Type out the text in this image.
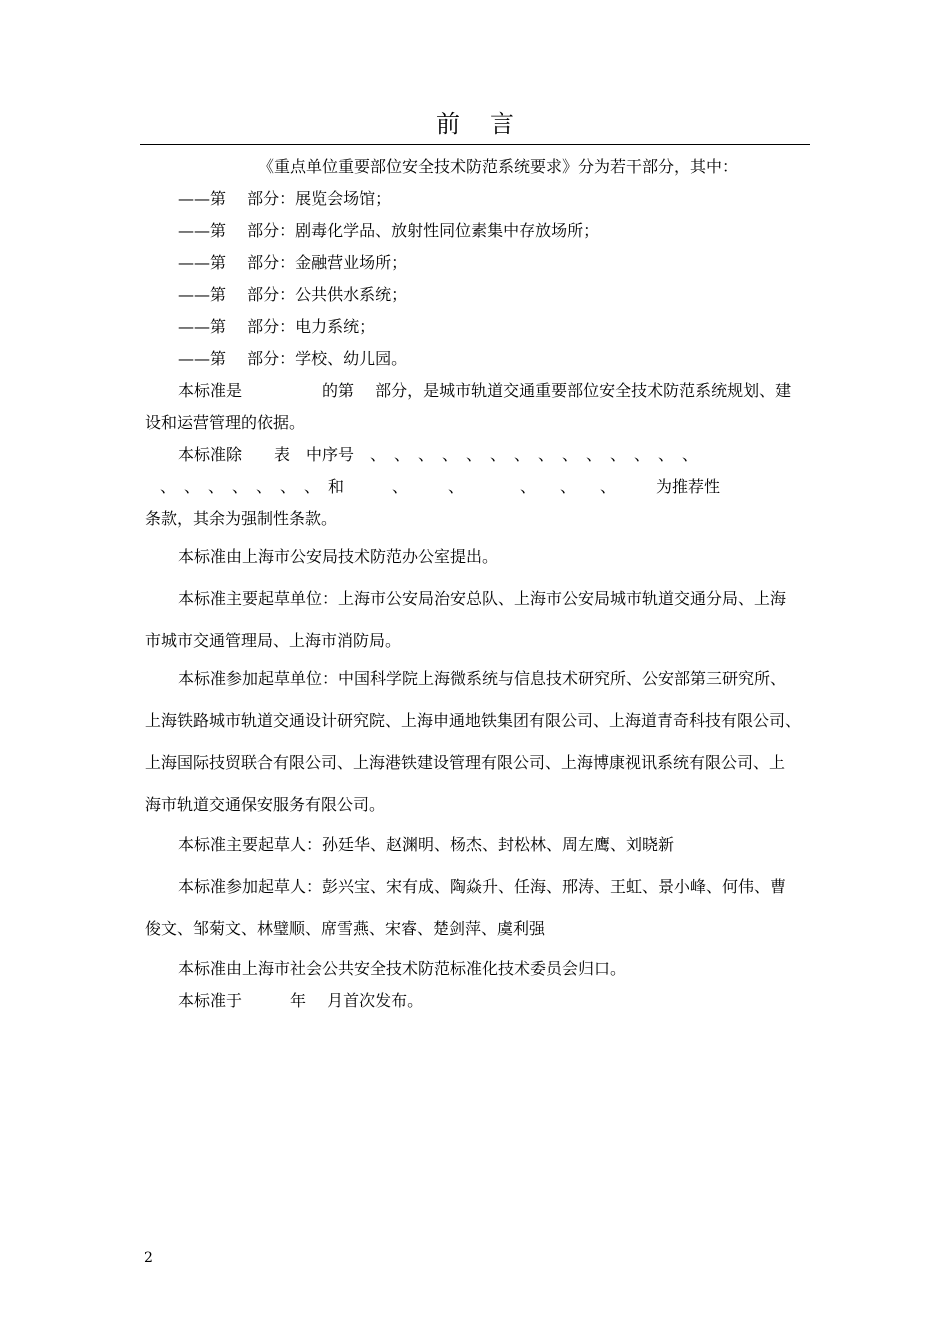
前言
《重点单位重要部位安全技术防范系统要求》分为若干部分，其中：
——第　 部分：展览会场馆；
——第　 部分：剧毒化学品、放射性同位素集中存放场所；
——第　 部分：金融营业场所；
——第　 部分：公共供水系统；
——第　 部分：电力系统；
——第　 部分：学校、幼儿园。
本标准是　　　　　的第　 部分，是城市轨道交通重要部位安全技术防范系统规划、建
设和运营管理的依据。
本标准除　　表　中序号　、　、　、　、　、　、　、　、　、　、　、　、　、　、
、　、　、　、　、　、　、　和　　　、　　　、　　　　、　　、　　、　　　为推荐性
条款，其余为强制性条款。
本标准由上海市公安局技术防范办公室提出。
本标准主要起草单位：上海市公安局治安总队、上海市公安局城市轨道交通分局、上海
市城市交通管理局、上海市消防局。
本标准参加起草单位：中国科学院上海微系统与信息技术研究所、公安部第三研究所、
上海铁路城市轨道交通设计研究院、上海申通地铁集团有限公司、上海道青奇科技有限公司、
上海国际技贸联合有限公司、上海港铁建设管理有限公司、上海博康视讯系统有限公司、上
海市轨道交通保安服务有限公司。
本标准主要起草人：孙廷华、赵渊明、杨杰、封松林、周左鹰、刘晓新
本标准参加起草人：彭兴宝、宋有成、陶焱升、任海、邢涛、王虹、景小峰、何伟、曹
俊文、邹菊文、林璧顺、席雪燕、宋睿、楚剑萍、虞利强
本标准由上海市社会公共安全技术防范标准化技术委员会归口。
本标准于　　　年　 月首次发布。
2
